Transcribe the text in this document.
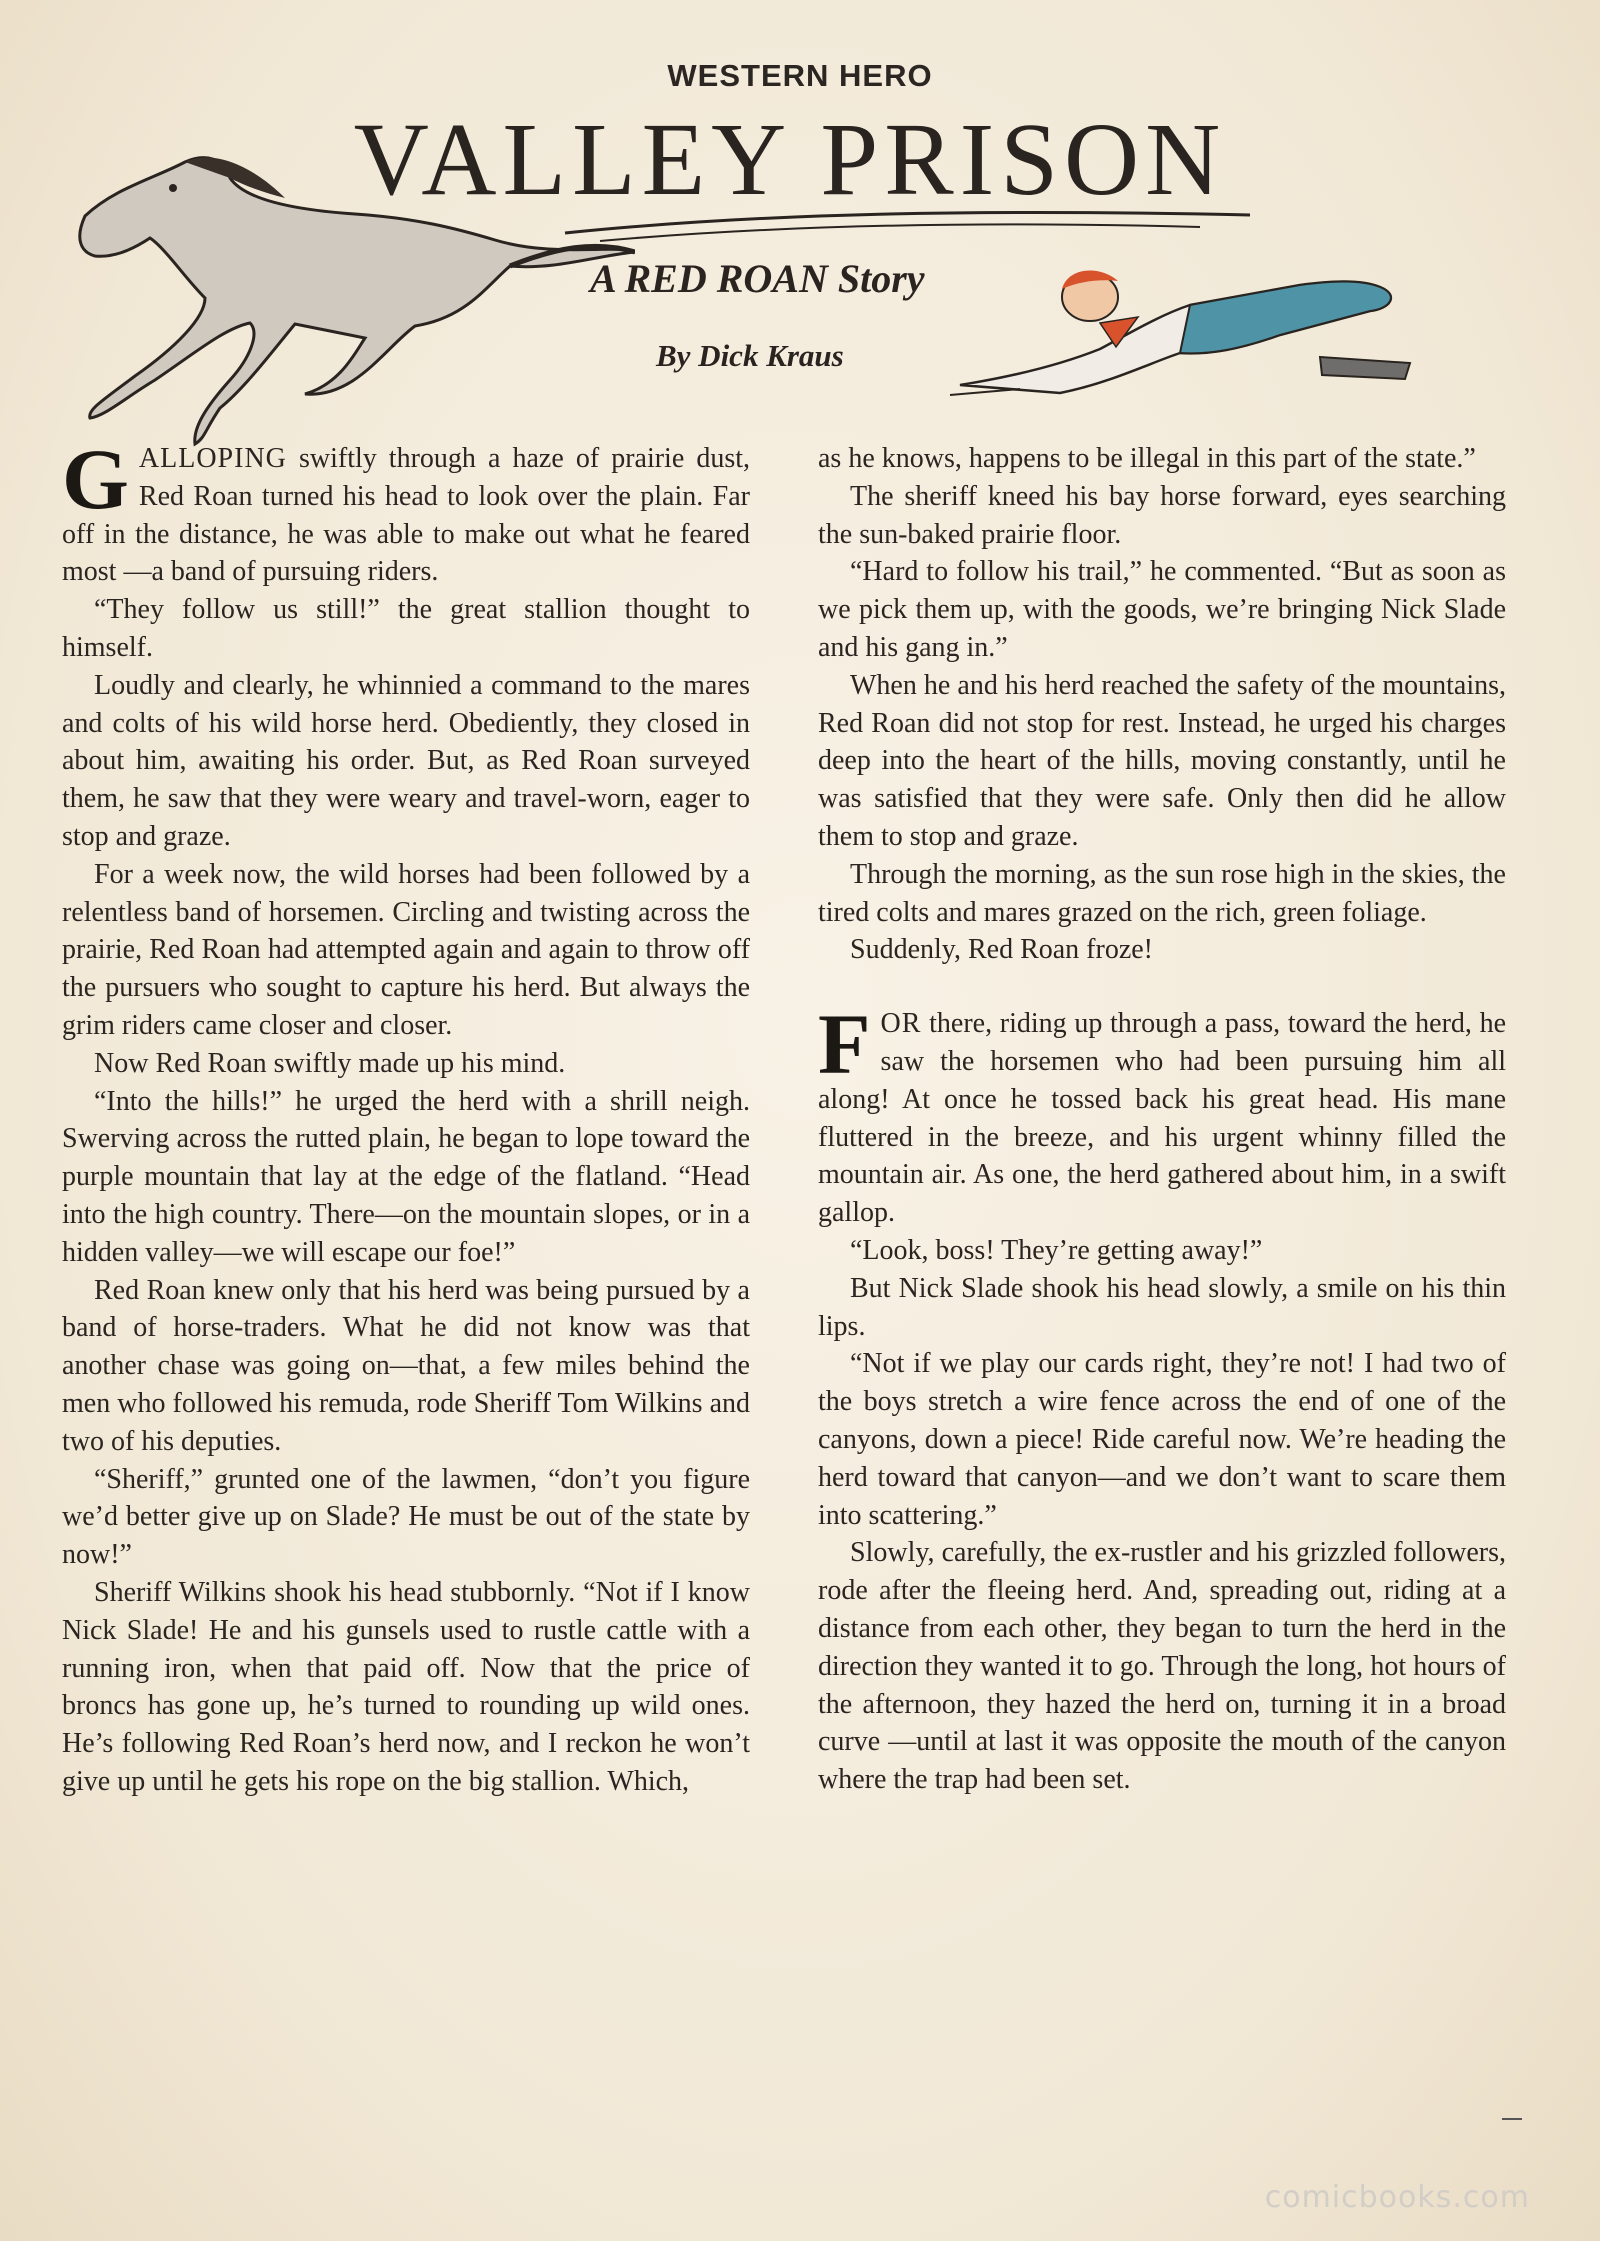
WESTERN HERO
VALLEY PRISON
A RED ROAN Story
By Dick Kraus

GALLOPING swiftly through a haze of prairie dust, Red Roan turned his head to look over the plain. Far off in the distance, he was able to make out what he feared most —a band of pursuing riders.

“They follow us still!” the great stallion thought to himself.

Loudly and clearly, he whinnied a command to the mares and colts of his wild horse herd. Obediently, they closed in about him, awaiting his order. But, as Red Roan surveyed them, he saw that they were weary and travel-worn, eager to stop and graze.

For a week now, the wild horses had been followed by a relentless band of horsemen. Circling and twisting across the prairie, Red Roan had attempted again and again to throw off the pursuers who sought to capture his herd. But always the grim riders came closer and closer.

Now Red Roan swiftly made up his mind.

“Into the hills!” he urged the herd with a shrill neigh. Swerving across the rutted plain, he began to lope toward the purple mountain that lay at the edge of the flatland. “Head into the high country. There—on the mountain slopes, or in a hidden valley—we will escape our foe!”

Red Roan knew only that his herd was being pursued by a band of horse-traders. What he did not know was that another chase was going on—that, a few miles behind the men who followed his remuda, rode Sheriff Tom Wilkins and two of his deputies.

“Sheriff,” grunted one of the lawmen, “don’t you figure we’d better give up on Slade? He must be out of the state by now!”

Sheriff Wilkins shook his head stubbornly. “Not if I know Nick Slade! He and his gunsels used to rustle cattle with a running iron, when that paid off. Now that the price of broncs has gone up, he’s turned to rounding up wild ones. He’s following Red Roan’s herd now, and I reckon he won’t give up until he gets his rope on the big stallion. Which,

as he knows, happens to be illegal in this part of the state.”

The sheriff kneed his bay horse forward, eyes searching the sun-baked prairie floor.

“Hard to follow his trail,” he commented. “But as soon as we pick them up, with the goods, we’re bringing Nick Slade and his gang in.”

When he and his herd reached the safety of the mountains, Red Roan did not stop for rest. Instead, he urged his charges deep into the heart of the hills, moving constantly, until he was satisfied that they were safe. Only then did he allow them to stop and graze.

Through the morning, as the sun rose high in the skies, the tired colts and mares grazed on the rich, green foliage.

Suddenly, Red Roan froze!

FOR there, riding up through a pass, toward the herd, he saw the horsemen who had been pursuing him all along! At once he tossed back his great head. His mane fluttered in the breeze, and his urgent whinny filled the mountain air. As one, the herd gathered about him, in a swift gallop.

“Look, boss! They’re getting away!”

But Nick Slade shook his head slowly, a smile on his thin lips.

“Not if we play our cards right, they’re not! I had two of the boys stretch a wire fence across the end of one of the canyons, down a piece! Ride careful now. We’re heading the herd toward that canyon—and we don’t want to scare them into scattering.”

Slowly, carefully, the ex-rustler and his grizzled followers, rode after the fleeing herd. And, spreading out, riding at a distance from each other, they began to turn the herd in the direction they wanted it to go. Through the long, hot hours of the afternoon, they hazed the herd on, turning it in a broad curve —until at last it was opposite the mouth of the canyon where the trap had been set.

comicbooks.com
